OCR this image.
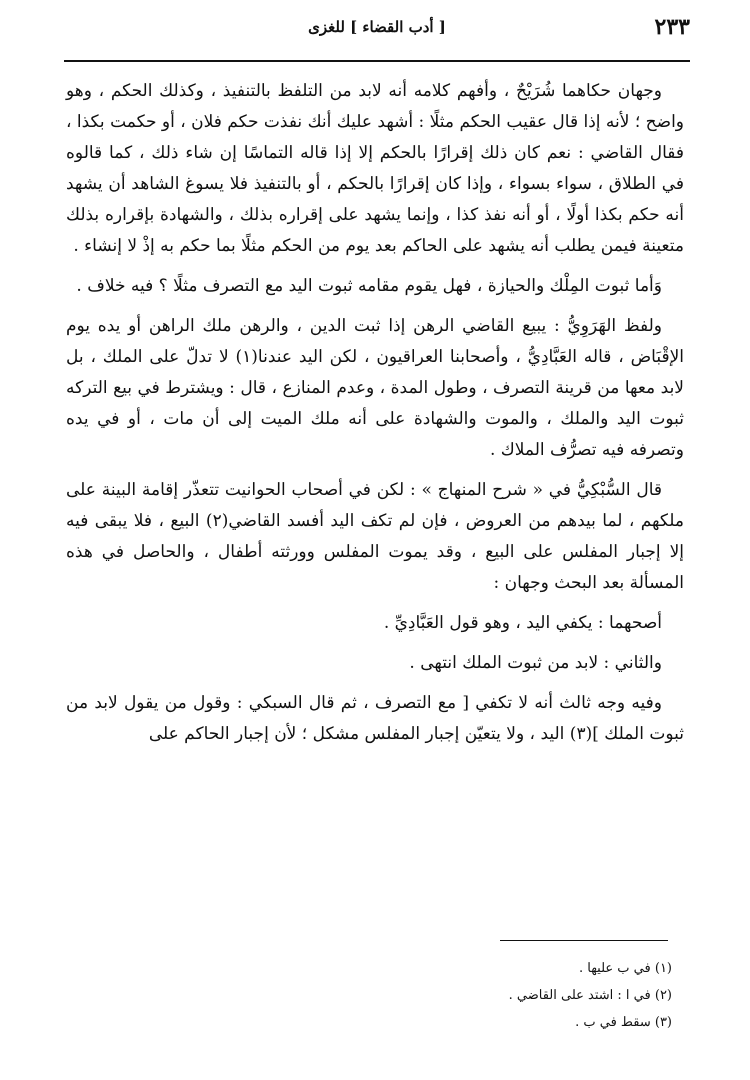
٢٣٣
[ أدب القضاء ] للغزى

وجهان حكاهما شُرَيْحٌ ، وأفهم كلامه أنه لابد من التلفظ بالتنفيذ ، وكذلك الحكم ، وهو واضح ؛ لأنه إذا قال عقيب الحكم مثلًا : أشهد عليك أنك نفذت حكم فلان ، أو حكمت بكذا ، فقال القاضي : نعم كان ذلك إقرارًا بالحكم إلا إذا قاله التماسًا إن شاء ذلك ، كما قالوه في الطلاق ، سواء بسواء ، وإذا كان إقرارًا بالحكم ، أو بالتنفيذ فلا يسوغ الشاهد أن يشهد أنه حكم بكذا أولًا ، أو أنه نفذ كذا ، وإنما يشهد على إقراره بذلك ، والشهادة بإقراره بذلك متعينة فيمن يطلب أنه يشهد على الحاكم بعد يوم من الحكم مثلًا بما حكم به إذْ لا إنشاء .

وَأما ثبوت المِلْك والحيازة ، فهل يقوم مقامه ثبوت اليد مع التصرف مثلًا ؟ فيه خلاف .

ولفظ الهَرَوِيُّ : يبيع القاضي الرهن إذا ثبت الدين ، والرهن ملك الراهن أو يده يوم الإقْبَاض ، قاله العَبَّادِيُّ ، وأصحابنا العراقيون ، لكن اليد عندنا(١) لا تدلّ على الملك ، بل لابد معها من قرينة التصرف ، وطول المدة ، وعدم المنازع ، قال : ويشترط في بيع التركه ثبوت اليد والملك ، والموت والشهادة على أنه ملك الميت إلى أن مات ، أو في يده وتصرفه فيه تصرُّف الملاك .

قال السُّبْكِيُّ في « شرح المنهاج » : لكن في أصحاب الحوانيت تتعذّر إقامة البينة على ملكهم ، لما بيدهم من العروض ، فإن لم تكف اليد أفسد القاضي(٢) البيع ، فلا يبقى فيه إلا إجبار المفلس على البيع ، وقد يموت المفلس وورثته أطفال ، والحاصل في هذه المسألة بعد البحث وجهان :

أصحهما : يكفي اليد ، وهو قول العَبَّادِيِّ .

والثاني : لابد من ثبوت الملك انتهى .

وفيه وجه ثالث أنه لا تكفي [ مع التصرف ، ثم قال السبكي : وقول من يقول لابد من ثبوت الملك ](٣) اليد ، ولا يتعيّن إجبار المفلس مشكل ؛ لأن إجبار الحاكم على

(١) في ب عليها .

(٢) في ا : اشتد على القاضي .

(٣) سقط في ب .
